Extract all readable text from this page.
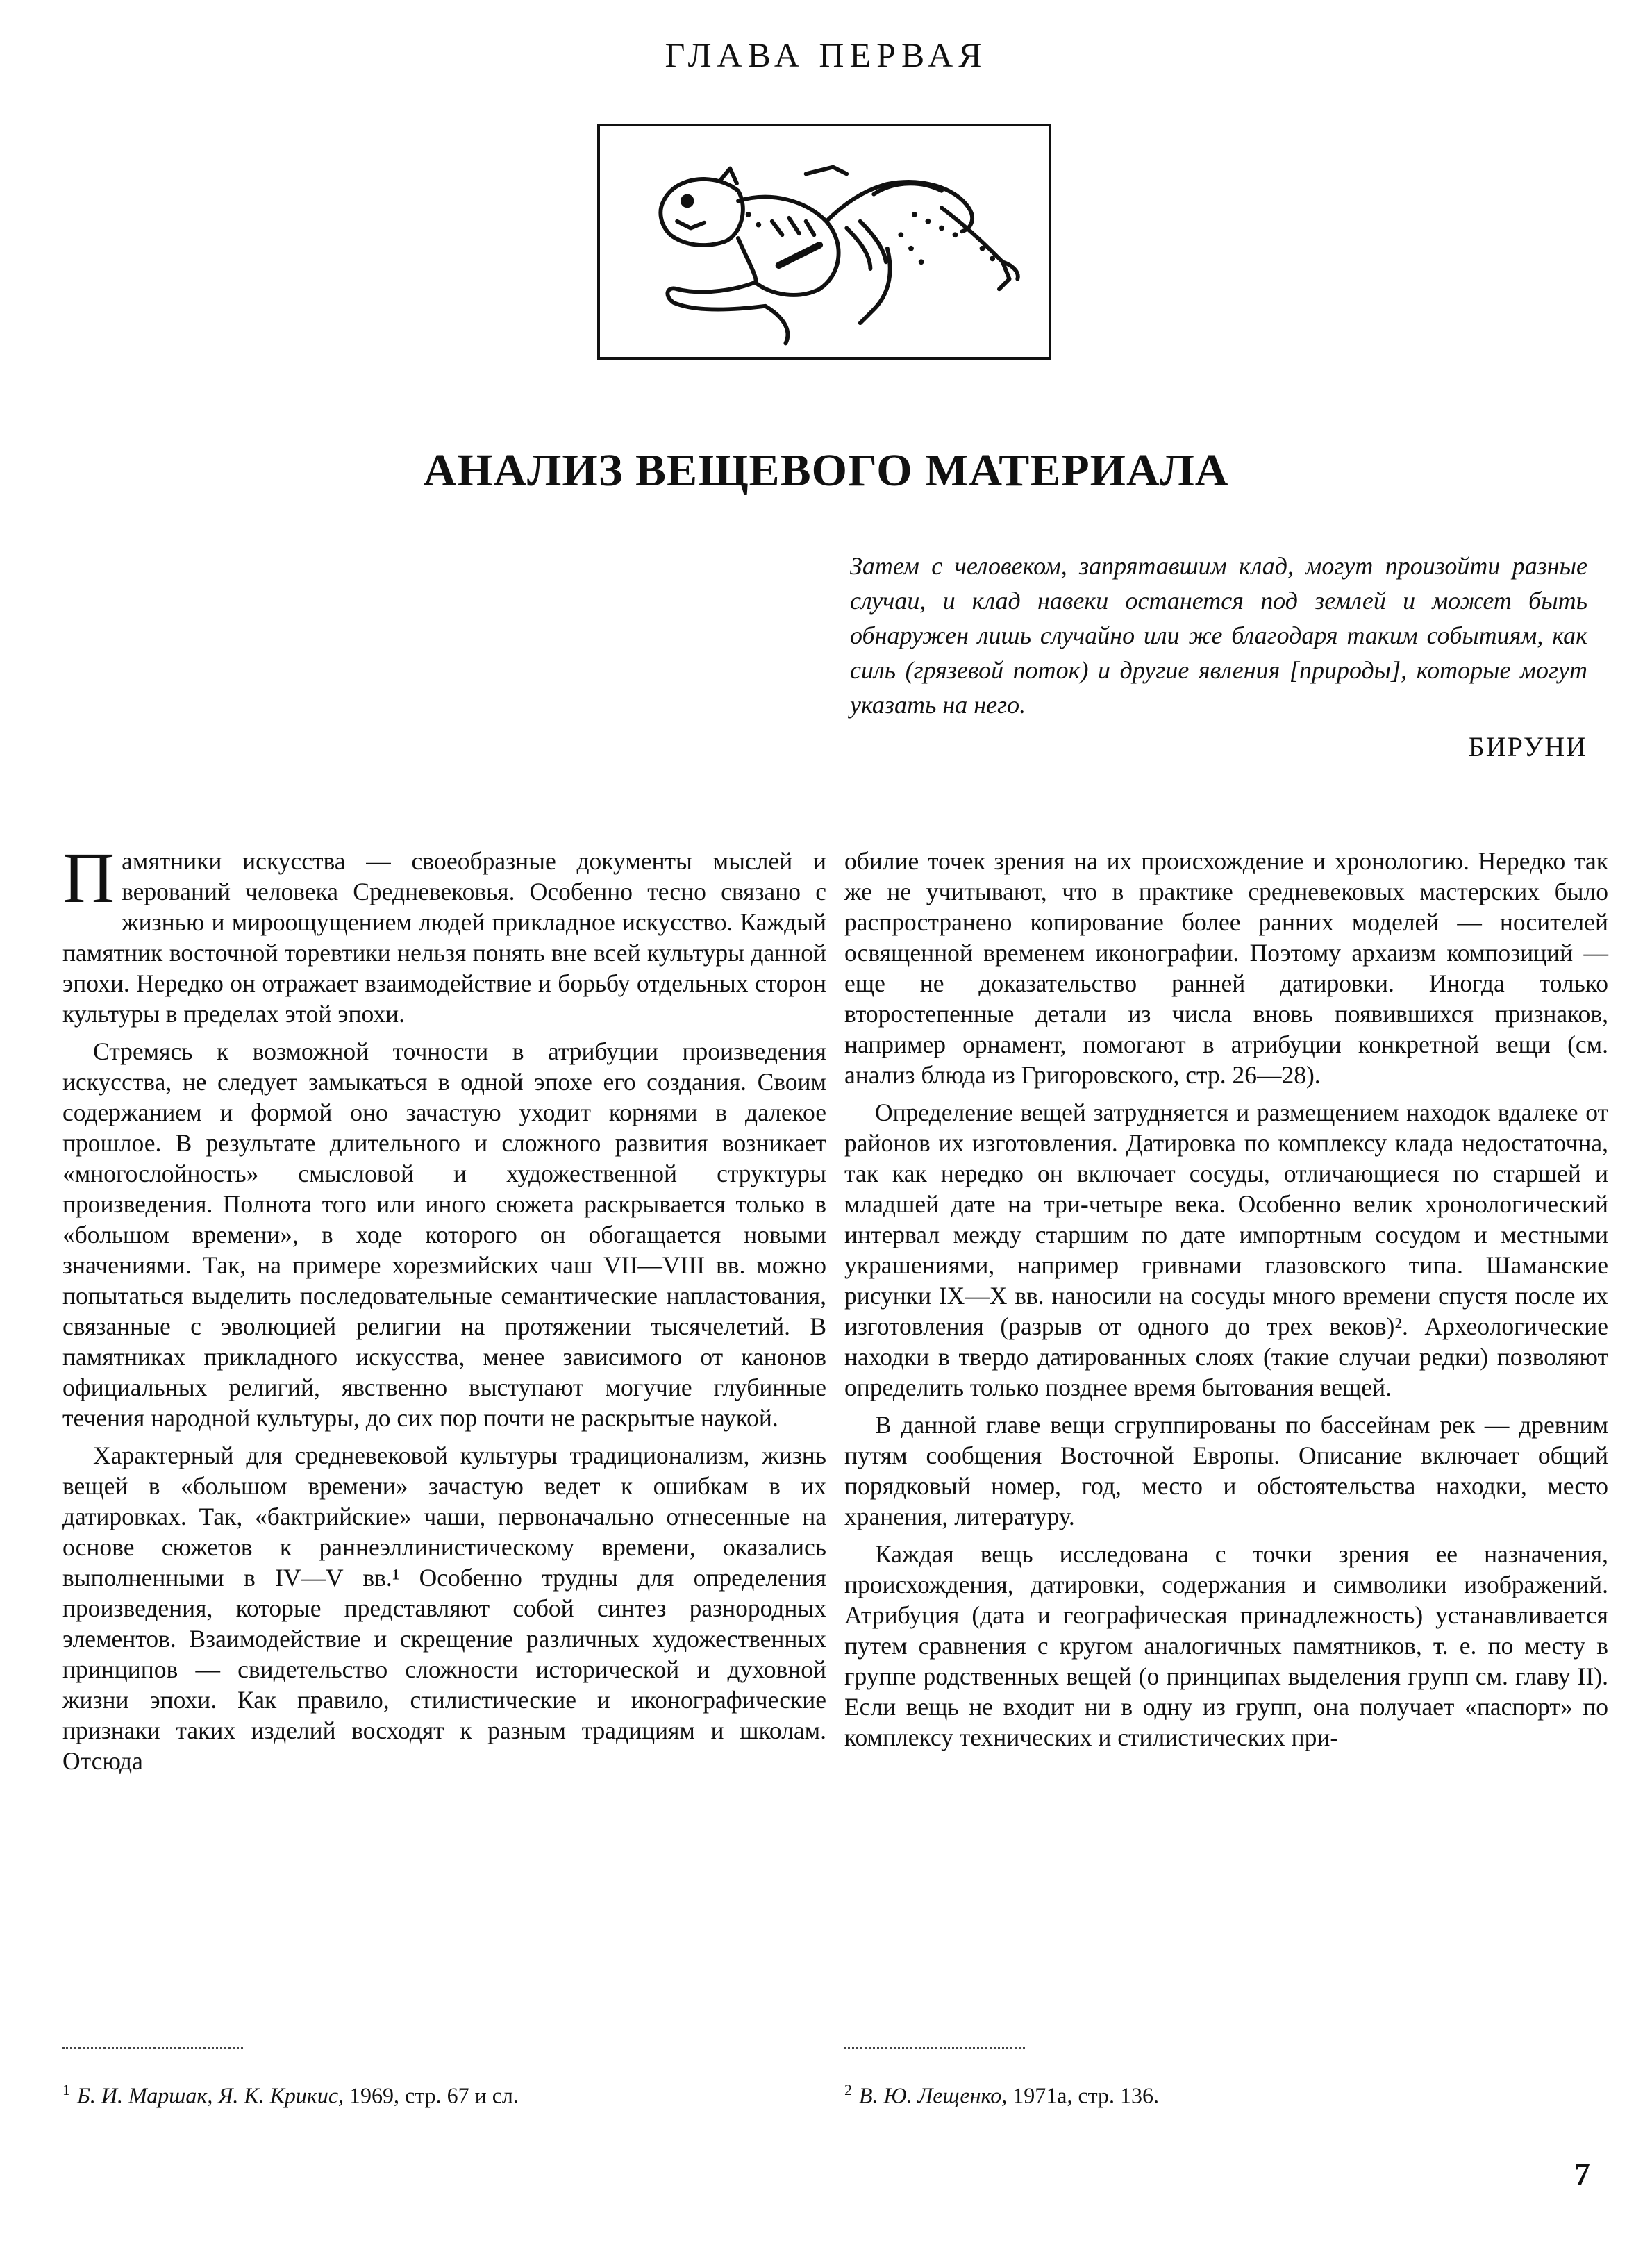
ГЛАВА ПЕРВАЯ
АНАЛИЗ ВЕЩЕВОГО МАТЕРИАЛА
Затем с человеком, запрятавшим клад, могут произойти разные случаи, и клад навеки останется под землей и может быть обнаружен лишь случайно или же благодаря таким событиям, как силь (грязевой поток) и другие явления [природы], которые могут указать на него.
БИРУНИ

Памятники искусства — своеобразные документы мыслей и верований человека Средневековья. Особенно тесно связано с жизнью и мироощущением людей прикладное искусство. Каждый памятник восточной торевтики нельзя понять вне всей культуры данной эпохи. Нередко он отражает взаимодействие и борьбу отдельных сторон культуры в пределах этой эпохи.

Стремясь к возможной точности в атрибуции произведения искусства, не следует замыкаться в одной эпохе его создания. Своим содержанием и формой оно зачастую уходит корнями в далекое прошлое. В результате длительного и сложного развития возникает «многослойность» смысловой и художественной структуры произведения. Полнота того или иного сюжета раскрывается только в «большом времени», в ходе которого он обогащается новыми значениями. Так, на примере хорезмийских чаш VII—VIII вв. можно попытаться выделить последовательные семантические напластования, связанные с эволюцией религии на протяжении тысячелетий. В памятниках прикладного искусства, менее зависимого от канонов официальных религий, явственно выступают могучие глубинные течения народной культуры, до сих пор почти не раскрытые наукой.

Характерный для средневековой культуры традиционализм, жизнь вещей в «большом времени» зачастую ведет к ошибкам в их датировках. Так, «бактрийские» чаши, первоначально отнесенные на основе сюжетов к раннеэллинистическому времени, оказались выполненными в IV—V вв.¹ Особенно трудны для определения произведения, которые представляют собой синтез разнородных элементов. Взаимодействие и скрещение различных художественных принципов — свидетельство сложности исторической и духовной жизни эпохи. Как правило, стилистические и иконографические признаки таких изделий восходят к разным традициям и школам. Отсюда

обилие точек зрения на их происхождение и хронологию. Нередко так же не учитывают, что в практике средневековых мастерских было распространено копирование более ранних моделей — носителей освященной временем иконографии. Поэтому архаизм композиций — еще не доказательство ранней датировки. Иногда только второстепенные детали из числа вновь появившихся признаков, например орнамент, помогают в атрибуции конкретной вещи (см. анализ блюда из Григоровского, стр. 26—28).

Определение вещей затрудняется и размещением находок вдалеке от районов их изготовления. Датировка по комплексу клада недостаточна, так как нередко он включает сосуды, отличающиеся по старшей и младшей дате на три-четыре века. Особенно велик хронологический интервал между старшим по дате импортным сосудом и местными украшениями, например гривнами глазовского типа. Шаманские рисунки IX—X вв. наносили на сосуды много времени спустя после их изготовления (разрыв от одного до трех веков)². Археологические находки в твердо датированных слоях (такие случаи редки) позволяют определить только позднее время бытования вещей.

В данной главе вещи сгруппированы по бассейнам рек — древним путям сообщения Восточной Европы. Описание включает общий порядковый номер, год, место и обстоятельства находки, место хранения, литературу.

Каждая вещь исследована с точки зрения ее назначения, происхождения, датировки, содержания и символики изображений. Атрибуция (дата и географическая принадлежность) устанавливается путем сравнения с кругом аналогичных памятников, т. е. по месту в группе родственных вещей (о принципах выделения групп см. главу II). Если вещь не входит ни в одну из групп, она получает «паспорт» по комплексу технических и стилистических при-

$^1$ Б. И. Маршак, Я. К. Крикис, 1969, стр. 67 и сл.	$^2$ В. Ю. Лещенко, 1971а, стр. 136.
7
